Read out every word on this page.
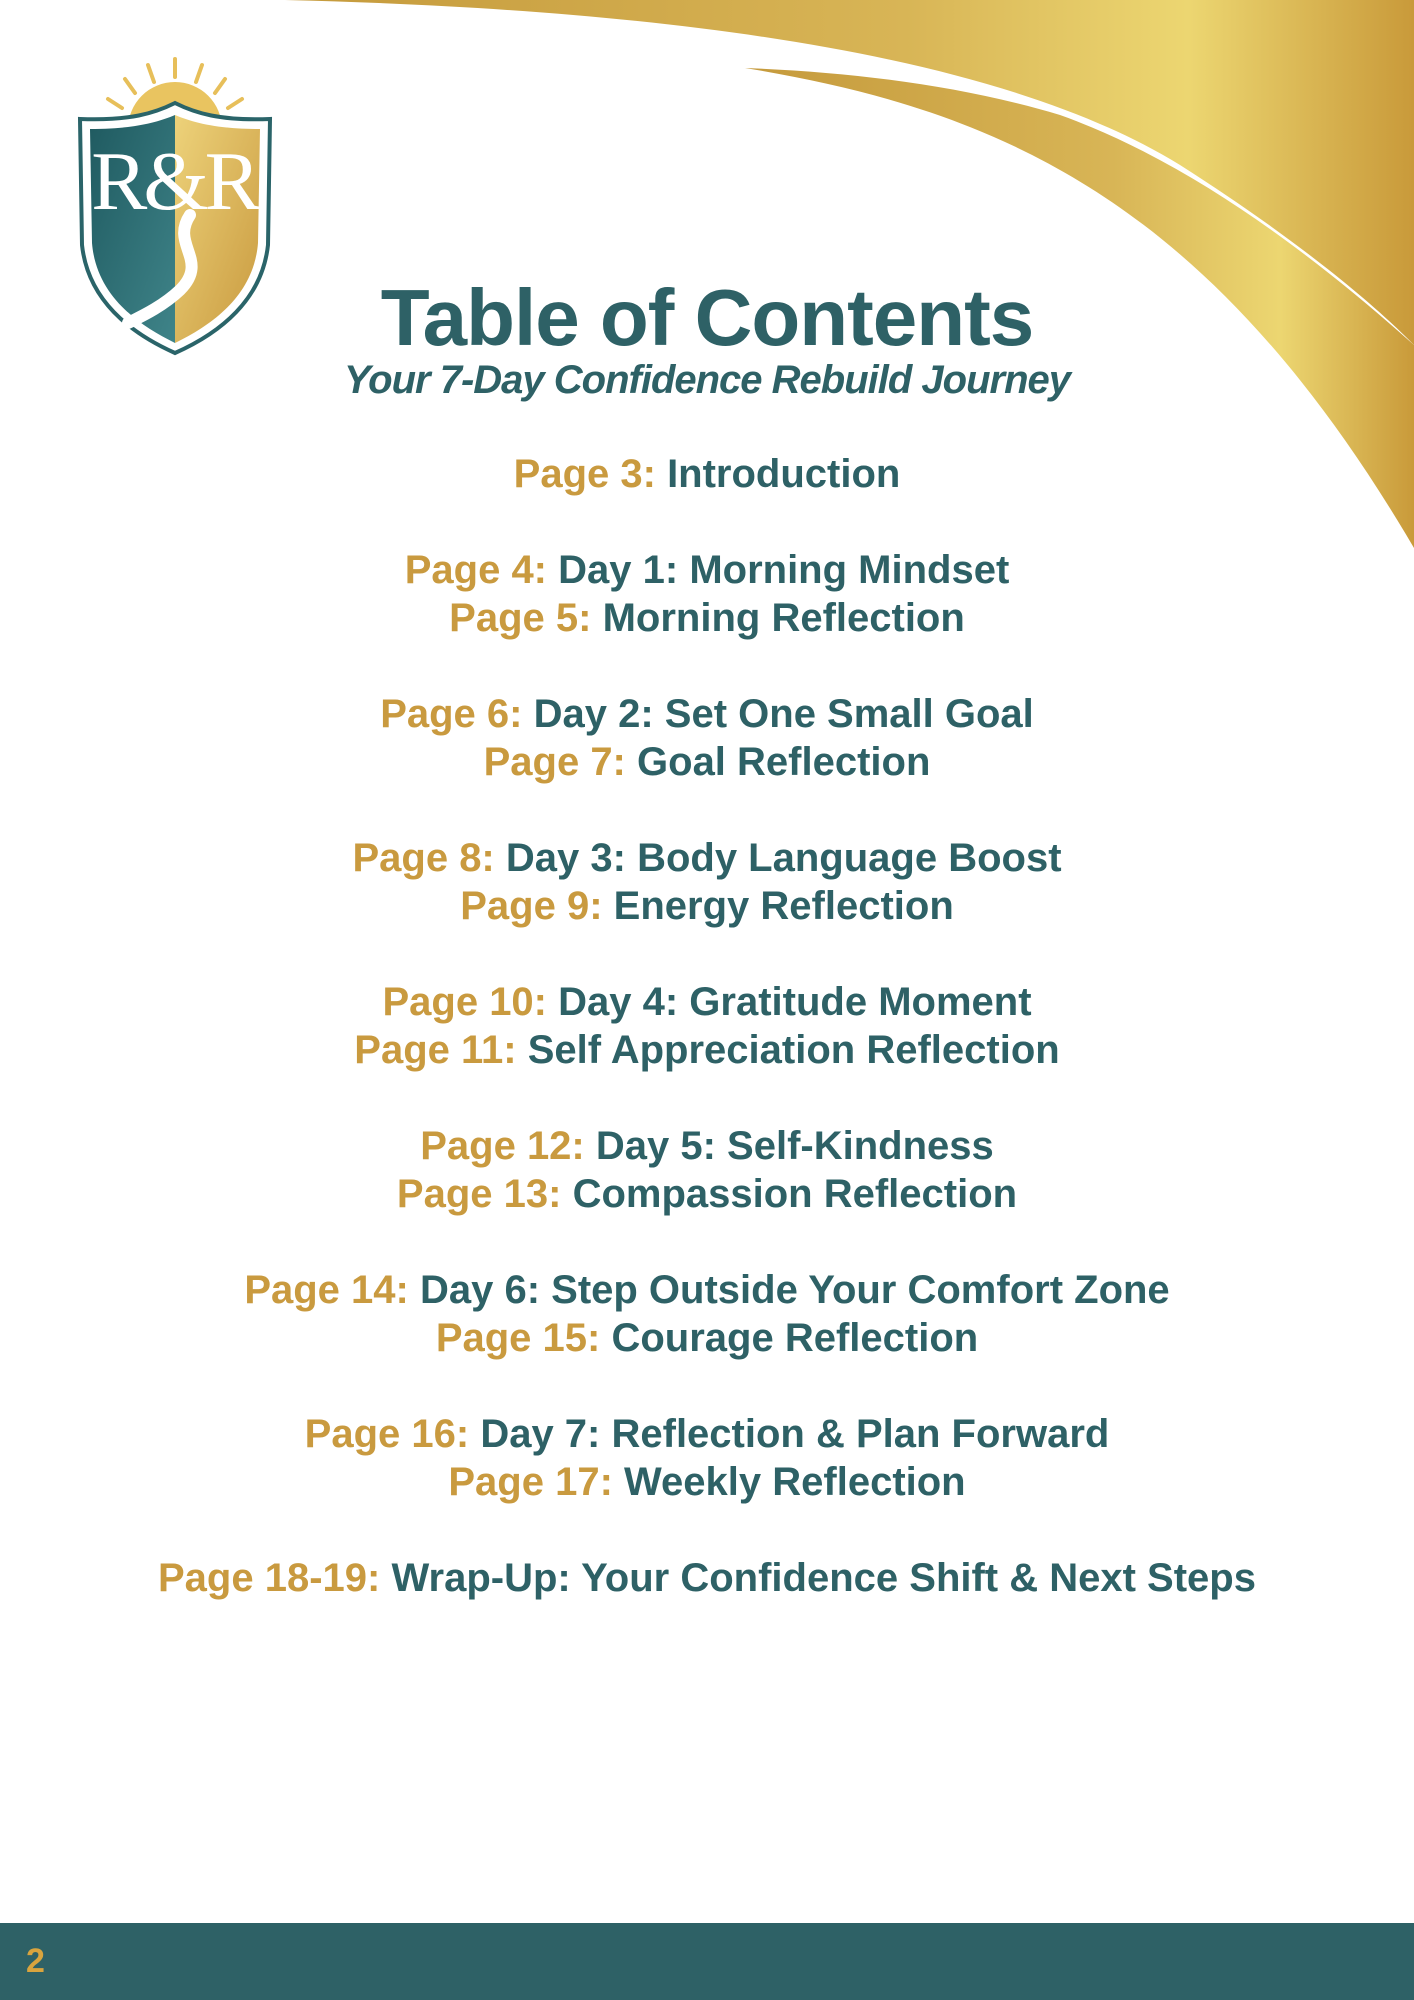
R&R
Table of Contents
Your 7-Day Confidence Rebuild Journey
Page 3: Introduction
Page 4: Day 1: Morning Mindset
Page 5: Morning Reflection
Page 6: Day 2: Set One Small Goal
Page 7: Goal Reflection
Page 8: Day 3: Body Language Boost
Page 9: Energy Reflection
Page 10: Day 4: Gratitude Moment
Page 11: Self Appreciation Reflection
Page 12: Day 5: Self-Kindness
Page 13: Compassion Reflection
Page 14: Day 6: Step Outside Your Comfort Zone
Page 15: Courage Reflection
Page 16: Day 7: Reflection & Plan Forward
Page 17: Weekly Reflection
Page 18-19: Wrap-Up: Your Confidence Shift & Next Steps
2
